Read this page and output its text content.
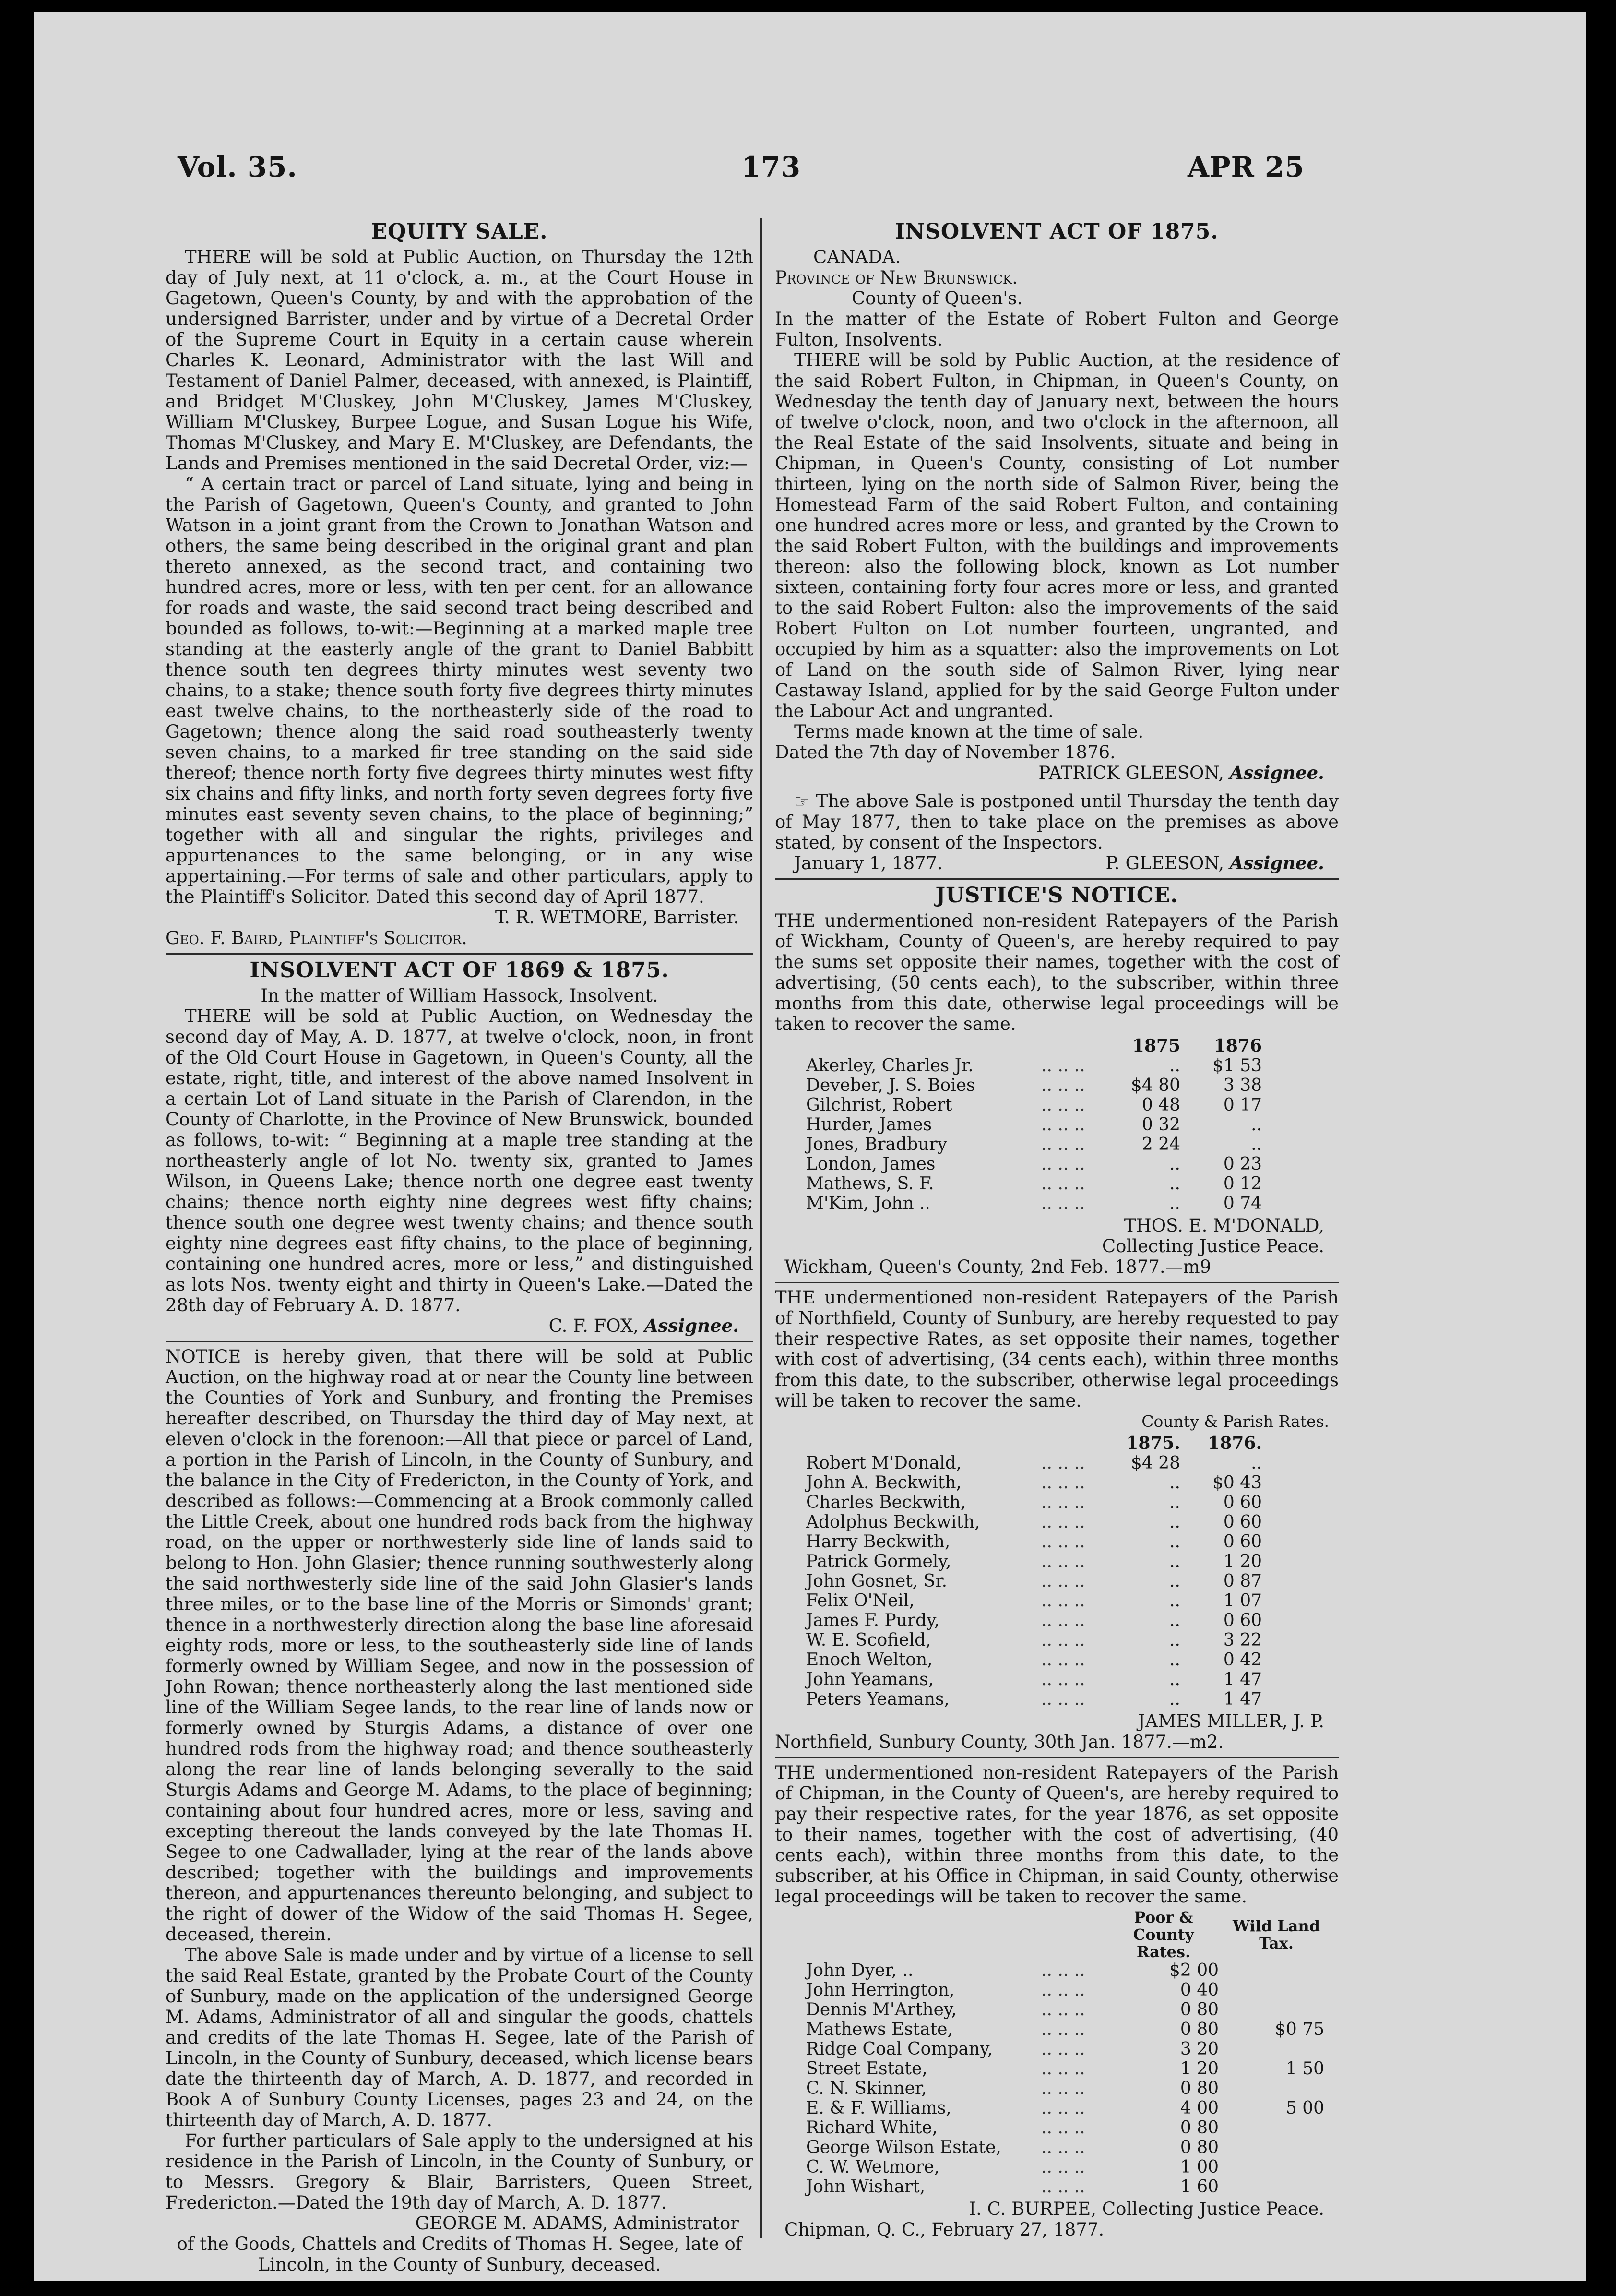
Vol. 35.	173	APR 25
EQUITY SALE.

THERE will be sold at Public Auction, on Thursday the 12th day of July next, at 11 o'clock, a. m., at the Court House in Gagetown, Queen's County, by and with the approbation of the undersigned Barrister, under and by virtue of a Decretal Order of the Supreme Court in Equity in a certain cause wherein Charles K. Leonard, Administrator with the last Will and Testament of Daniel Palmer, deceased, with annexed, is Plaintiff, and Bridget M'Cluskey, John M'Cluskey, James M'Cluskey, William M'Cluskey, Burpee Logue, and Susan Logue his Wife, Thomas M'Cluskey, and Mary E. M'Cluskey, are Defendants, the Lands and Premises mentioned in the said Decretal Order, viz:—

“ A certain tract or parcel of Land situate, lying and being in the Parish of Gagetown, Queen's County, and granted to John Watson in a joint grant from the Crown to Jonathan Watson and others, the same being described in the original grant and plan thereto annexed, as the second tract, and containing two hundred acres, more or less, with ten per cent. for an allowance for roads and waste, the said second tract being described and bounded as follows, to-wit:—Beginning at a marked maple tree standing at the easterly angle of the grant to Daniel Babbitt thence south ten degrees thirty minutes west seventy two chains, to a stake; thence south forty five degrees thirty minutes east twelve chains, to the northeasterly side of the road to Gagetown; thence along the said road southeasterly twenty seven chains, to a marked fir tree standing on the said side thereof; thence north forty five degrees thirty minutes west fifty six chains and fifty links, and north forty seven degrees forty five minutes east seventy seven chains, to the place of beginning;” together with all and singular the rights, privileges and appurtenances to the same belonging, or in any wise appertaining.—For terms of sale and other particulars, apply to the Plaintiff's Solicitor. Dated this second day of April 1877.

T. R. WETMORE, Barrister.

Geo. F. Baird, Plaintiff's Solicitor.

INSOLVENT ACT OF 1869 & 1875.

In the matter of William Hassock, Insolvent.

THERE will be sold at Public Auction, on Wednesday the second day of May, A. D. 1877, at twelve o'clock, noon, in front of the Old Court House in Gagetown, in Queen's County, all the estate, right, title, and interest of the above named Insolvent in a certain Lot of Land situate in the Parish of Clarendon, in the County of Charlotte, in the Province of New Brunswick, bounded as follows, to-wit: “ Beginning at a maple tree standing at the northeasterly angle of lot No. twenty six, granted to James Wilson, in Queens Lake; thence north one degree east twenty chains; thence north eighty nine degrees west fifty chains; thence south one degree west twenty chains; and thence south eighty nine degrees east fifty chains, to the place of beginning, containing one hundred acres, more or less,” and distinguished as lots Nos. twenty eight and thirty in Queen's Lake.—Dated the 28th day of February A. D. 1877.

C. F. FOX, Assignee.

NOTICE is hereby given, that there will be sold at Public Auction, on the highway road at or near the County line between the Counties of York and Sunbury, and fronting the Premises hereafter described, on Thursday the third day of May next, at eleven o'clock in the forenoon:—All that piece or parcel of Land, a portion in the Parish of Lincoln, in the County of Sunbury, and the balance in the City of Fredericton, in the County of York, and described as follows:—Commencing at a Brook commonly called the Little Creek, about one hundred rods back from the highway road, on the upper or northwesterly side line of lands said to belong to Hon. John Glasier; thence running southwesterly along the said northwesterly side line of the said John Glasier's lands three miles, or to the base line of the Morris or Simonds' grant; thence in a northwesterly direction along the base line aforesaid eighty rods, more or less, to the southeasterly side line of lands formerly owned by William Segee, and now in the possession of John Rowan; thence northeasterly along the last mentioned side line of the William Segee lands, to the rear line of lands now or formerly owned by Sturgis Adams, a distance of over one hundred rods from the highway road; and thence southeasterly along the rear line of lands belonging severally to the said Sturgis Adams and George M. Adams, to the place of beginning; containing about four hundred acres, more or less, saving and excepting thereout the lands conveyed by the late Thomas H. Segee to one Cadwallader, lying at the rear of the lands above described; together with the buildings and improvements thereon, and appurtenances thereunto belonging, and subject to the right of dower of the Widow of the said Thomas H. Segee, deceased, therein.

The above Sale is made under and by virtue of a license to sell the said Real Estate, granted by the Probate Court of the County of Sunbury, made on the application of the undersigned George M. Adams, Administrator of all and singular the goods, chattels and credits of the late Thomas H. Segee, late of the Parish of Lincoln, in the County of Sunbury, deceased, which license bears date the thirteenth day of March, A. D. 1877, and recorded in Book A of Sunbury County Licenses, pages 23 and 24, on the thirteenth day of March, A. D. 1877.

For further particulars of Sale apply to the undersigned at his residence in the Parish of Lincoln, in the County of Sunbury, or to Messrs. Gregory & Blair, Barristers, Queen Street, Fredericton.—Dated the 19th day of March, A. D. 1877.

GEORGE M. ADAMS, Administrator

of the Goods, Chattels and Credits of Thomas H. Segee, late of Lincoln, in the County of Sunbury, deceased.

INSOLVENT ACT OF 1875.

CANADA.

Province of New Brunswick.

County of Queen's.

In the matter of the Estate of Robert Fulton and George Fulton, Insolvents.

THERE will be sold by Public Auction, at the residence of the said Robert Fulton, in Chipman, in Queen's County, on Wednesday the tenth day of January next, between the hours of twelve o'clock, noon, and two o'clock in the afternoon, all the Real Estate of the said Insolvents, situate and being in Chipman, in Queen's County, consisting of Lot number thirteen, lying on the north side of Salmon River, being the Homestead Farm of the said Robert Fulton, and containing one hundred acres more or less, and granted by the Crown to the said Robert Fulton, with the buildings and improvements thereon: also the following block, known as Lot number sixteen, containing forty four acres more or less, and granted to the said Robert Fulton: also the improvements of the said Robert Fulton on Lot number fourteen, ungranted, and occupied by him as a squatter: also the improvements on Lot of Land on the south side of Salmon River, lying near Castaway Island, applied for by the said George Fulton under the Labour Act and ungranted.

Terms made known at the time of sale.

Dated the 7th day of November 1876.

PATRICK GLEESON, Assignee.

☞ The above Sale is postponed until Thursday the tenth day of May 1877, then to take place on the premises as above stated, by consent of the Inspectors.

January 1, 1877.	P. GLEESON, Assignee.

JUSTICE'S NOTICE.

THE undermentioned non-resident Ratepayers of the Parish of Wickham, County of Queen's, are hereby required to pay the sums set opposite their names, together with the cost of advertising, (50 cents each), to the subscriber, within three months from this date, otherwise legal proceedings will be taken to recover the same.

		1875	1876
Akerley, Charles Jr.	.. .. ..	..	$1 53
Deveber, J. S. Boies	.. .. ..	$4 80	3 38
Gilchrist, Robert	.. .. ..	0 48	0 17
Hurder, James	.. .. ..	0 32	..
Jones, Bradbury	.. .. ..	2 24	..
London, James	.. .. ..	..	0 23
Mathews, S. F.	.. .. ..	..	0 12
M'Kim, John ..	.. .. ..	..	0 74

THOS. E. M'DONALD,

Collecting Justice Peace.

Wickham, Queen's County, 2nd Feb. 1877.—m9

THE undermentioned non-resident Ratepayers of the Parish of Northfield, County of Sunbury, are hereby requested to pay their respective Rates, as set opposite their names, together with cost of advertising, (34 cents each), within three months from this date, to the subscriber, otherwise legal proceedings will be taken to recover the same.

County & Parish Rates.

		1875.	1876.
Robert M'Donald,	.. .. ..	$4 28	..
John A. Beckwith,	.. .. ..	..	$0 43
Charles Beckwith,	.. .. ..	..	0 60
Adolphus Beckwith,	.. .. ..	..	0 60
Harry Beckwith,	.. .. ..	..	0 60
Patrick Gormely,	.. .. ..	..	1 20
John Gosnet, Sr.	.. .. ..	..	0 87
Felix O'Neil,	.. .. ..	..	1 07
James F. Purdy,	.. .. ..	..	0 60
W. E. Scofield,	.. .. ..	..	3 22
Enoch Welton,	.. .. ..	..	0 42
John Yeamans,	.. .. ..	..	1 47
Peters Yeamans,	.. .. ..	..	1 47

JAMES MILLER, J. P.

Northfield, Sunbury County, 30th Jan. 1877.—m2.

THE undermentioned non-resident Ratepayers of the Parish of Chipman, in the County of Queen's, are hereby required to pay their respective rates, for the year 1876, as set opposite to their names, together with the cost of advertising, (40 cents each), within three months from this date, to the subscriber, at his Office in Chipman, in said County, otherwise legal proceedings will be taken to recover the same.

		Poor & County Rates.	Wild Land Tax.
John Dyer, ..	.. .. ..	$2 00	
John Herrington,	.. .. ..	0 40	
Dennis M'Arthey,	.. .. ..	0 80	
Mathews Estate,	.. .. ..	0 80	$0 75
Ridge Coal Company,	.. .. ..	3 20	
Street Estate,	.. .. ..	1 20	1 50
C. N. Skinner,	.. .. ..	0 80	
E. & F. Williams,	.. .. ..	4 00	5 00
Richard White,	.. .. ..	0 80	
George Wilson Estate,	.. .. ..	0 80	
C. W. Wetmore,	.. .. ..	1 00	
John Wishart,	.. .. ..	1 60	

I. C. BURPEE, Collecting Justice Peace.

Chipman, Q. C., February 27, 1877.
